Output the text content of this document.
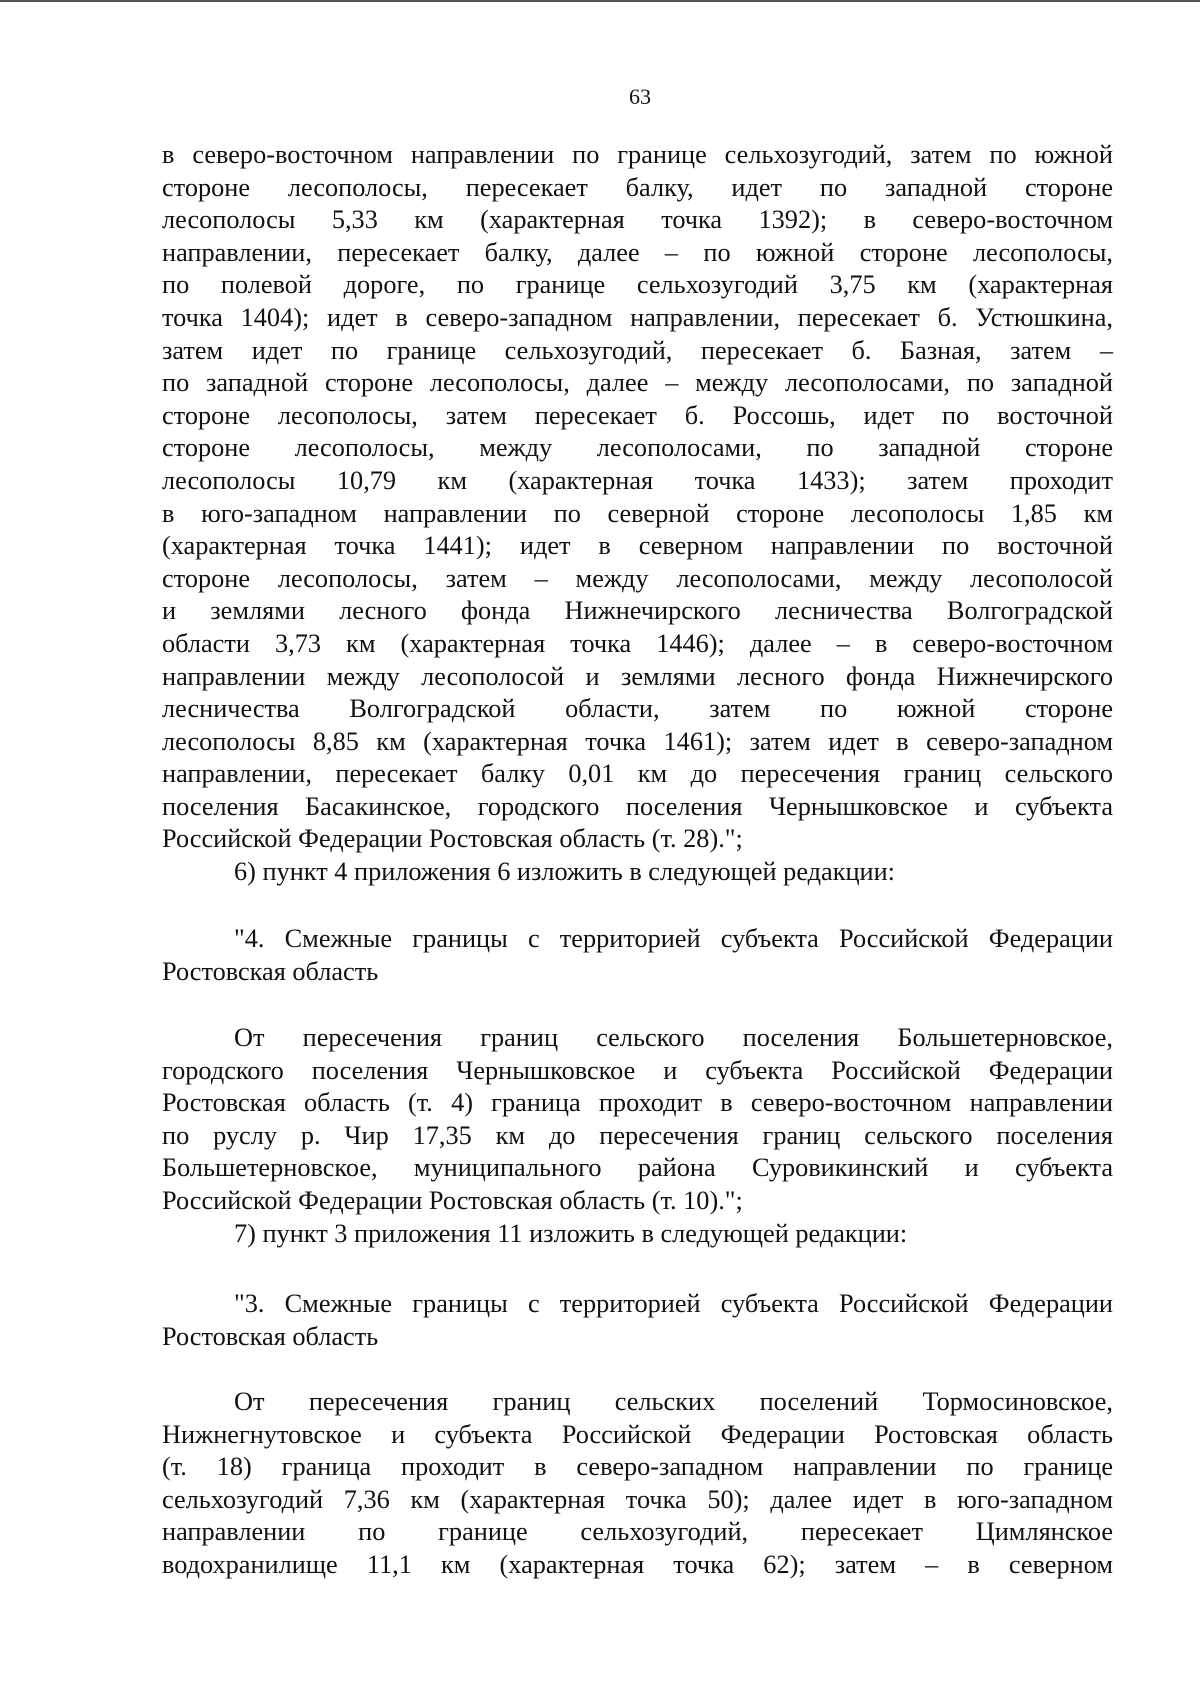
63

в северо-восточном направлении по границе сельхозугодий, затем по южной

стороне лесополосы, пересекает балку, идет по западной стороне

лесополосы 5,33 км (характерная точка 1392); в северо-восточном

направлении, пересекает балку, далее – по южной стороне лесополосы,

по полевой дороге, по границе сельхозугодий 3,75 км (характерная

точка 1404); идет в северо-западном направлении, пересекает б. Устюшкина,

затем идет по границе сельхозугодий, пересекает б. Базная, затем –

по западной стороне лесополосы, далее – между лесополосами, по западной

стороне лесополосы, затем пересекает б. Россошь, идет по восточной

стороне лесополосы, между лесополосами, по западной стороне

лесополосы 10,79 км (характерная точка 1433); затем проходит

в юго-западном направлении по северной стороне лесополосы 1,85 км

(характерная точка 1441); идет в северном направлении по восточной

стороне лесополосы, затем – между лесополосами, между лесополосой

и землями лесного фонда Нижнечирского лесничества Волгоградской

области 3,73 км (характерная точка 1446); далее – в северо-восточном

направлении между лесополосой и землями лесного фонда Нижнечирского

лесничества Волгоградской области, затем по южной стороне

лесополосы 8,85 км (характерная точка 1461); затем идет в северо-западном

направлении, пересекает балку 0,01 км до пересечения границ сельского

поселения Басакинское, городского поселения Чернышковское и субъекта

Российской Федерации Ростовская область (т. 28).";

6) пункт 4 приложения 6 изложить в следующей редакции:

"4. Смежные границы с территорией субъекта Российской Федерации

Ростовская область

От пересечения границ сельского поселения Большетерновское,

городского поселения Чернышковское и субъекта Российской Федерации

Ростовская область (т. 4) граница проходит в северо-восточном направлении

по руслу р. Чир 17,35 км до пересечения границ сельского поселения

Большетерновское, муниципального района Суровикинский и субъекта

Российской Федерации Ростовская область (т. 10).";

7) пункт 3 приложения 11 изложить в следующей редакции:

"3. Смежные границы с территорией субъекта Российской Федерации

Ростовская область

От пересечения границ сельских поселений Тормосиновское,

Нижнегнутовское и субъекта Российской Федерации Ростовская область

(т. 18) граница проходит в северо-западном направлении по границе

сельхозугодий 7,36 км (характерная точка 50); далее идет в юго-западном

направлении по границе сельхозугодий, пересекает Цимлянское

водохранилище 11,1 км (характерная точка 62); затем – в северном
